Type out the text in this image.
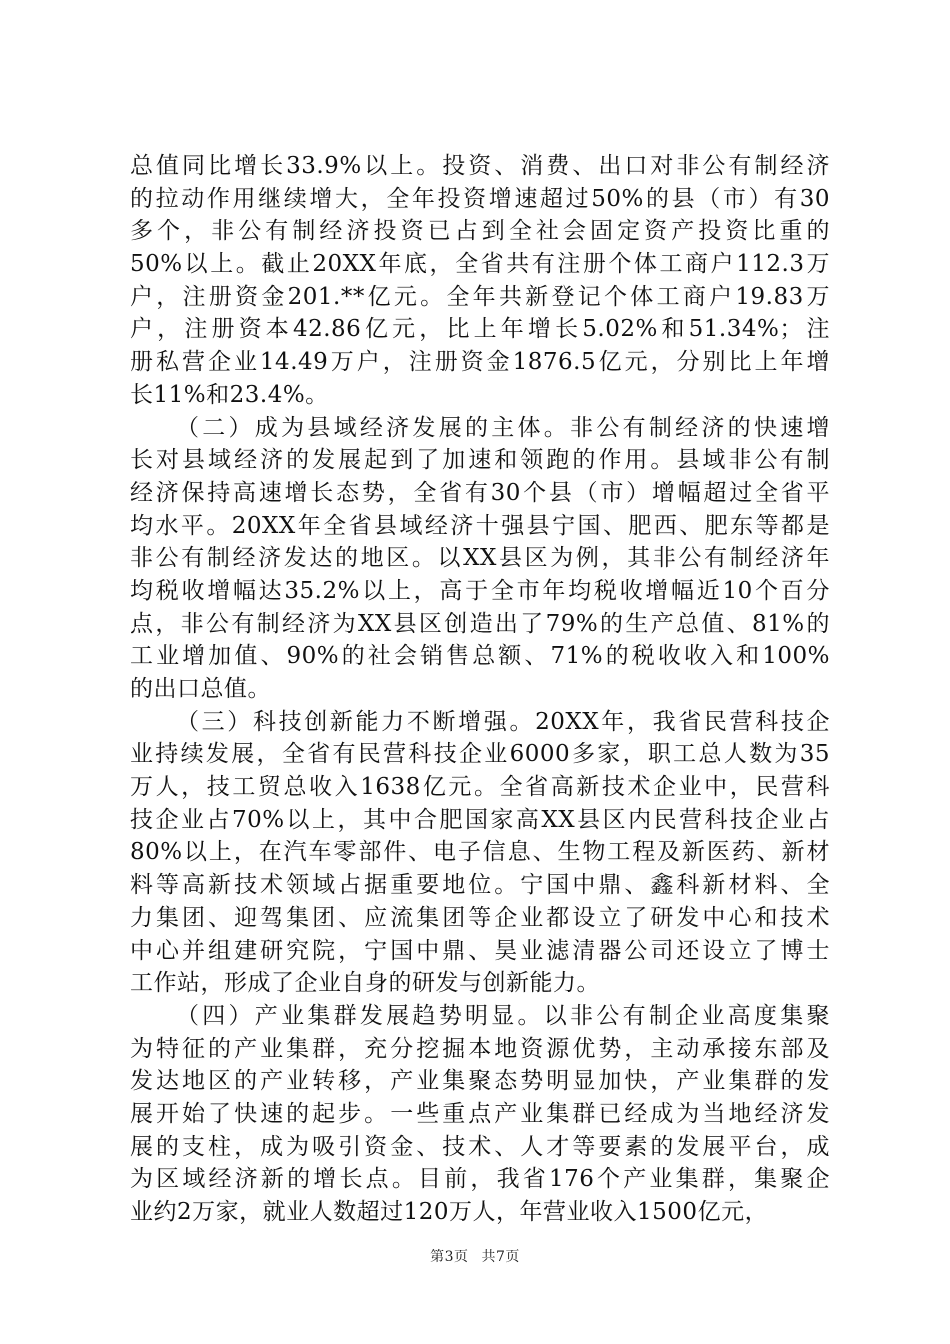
总值同比增长33.9%以上。投资、消费、出口对非公有制经济
的拉动作用继续增大，全年投资增速超过50%的县（市）有30
多个，非公有制经济投资已占到全社会固定资产投资比重的
50%以上。截止20XX年底，全省共有注册个体工商户112.3万
户，注册资金201.**亿元。全年共新登记个体工商户19.83万
户，注册资本42.86亿元，比上年增长5.02%和51.34%；注
册私营企业14.49万户，注册资金1876.5亿元，分别比上年增
长11%和23.4%。
（二）成为县域经济发展的主体。非公有制经济的快速增
长对县域经济的发展起到了加速和领跑的作用。县域非公有制
经济保持高速增长态势，全省有30个县（市）增幅超过全省平
均水平。20XX年全省县域经济十强县宁国、肥西、肥东等都是
非公有制经济发达的地区。以XX县区为例，其非公有制经济年
均税收增幅达35.2%以上，高于全市年均税收增幅近10个百分
点，非公有制经济为XX县区创造出了79%的生产总值、81%的
工业增加值、90%的社会销售总额、71%的税收收入和100%
的出口总值。
（三）科技创新能力不断增强。20XX年，我省民营科技企
业持续发展，全省有民营科技企业6000多家，职工总人数为35
万人，技工贸总收入1638亿元。全省高新技术企业中，民营科
技企业占70%以上，其中合肥国家高XX县区内民营科技企业占
80%以上，在汽车零部件、电子信息、生物工程及新医药、新材
料等高新技术领域占据重要地位。宁国中鼎、鑫科新材料、全
力集团、迎驾集团、应流集团等企业都设立了研发中心和技术
中心并组建研究院，宁国中鼎、昊业滤清器公司还设立了博士
工作站，形成了企业自身的研发与创新能力。
（四）产业集群发展趋势明显。以非公有制企业高度集聚
为特征的产业集群，充分挖掘本地资源优势，主动承接东部及
发达地区的产业转移，产业集聚态势明显加快，产业集群的发
展开始了快速的起步。一些重点产业集群已经成为当地经济发
展的支柱，成为吸引资金、技术、人才等要素的发展平台，成
为区域经济新的增长点。目前，我省176个产业集群，集聚企
业约2万家，就业人数超过120万人，年营业收入1500亿元，
第3页 共7页
